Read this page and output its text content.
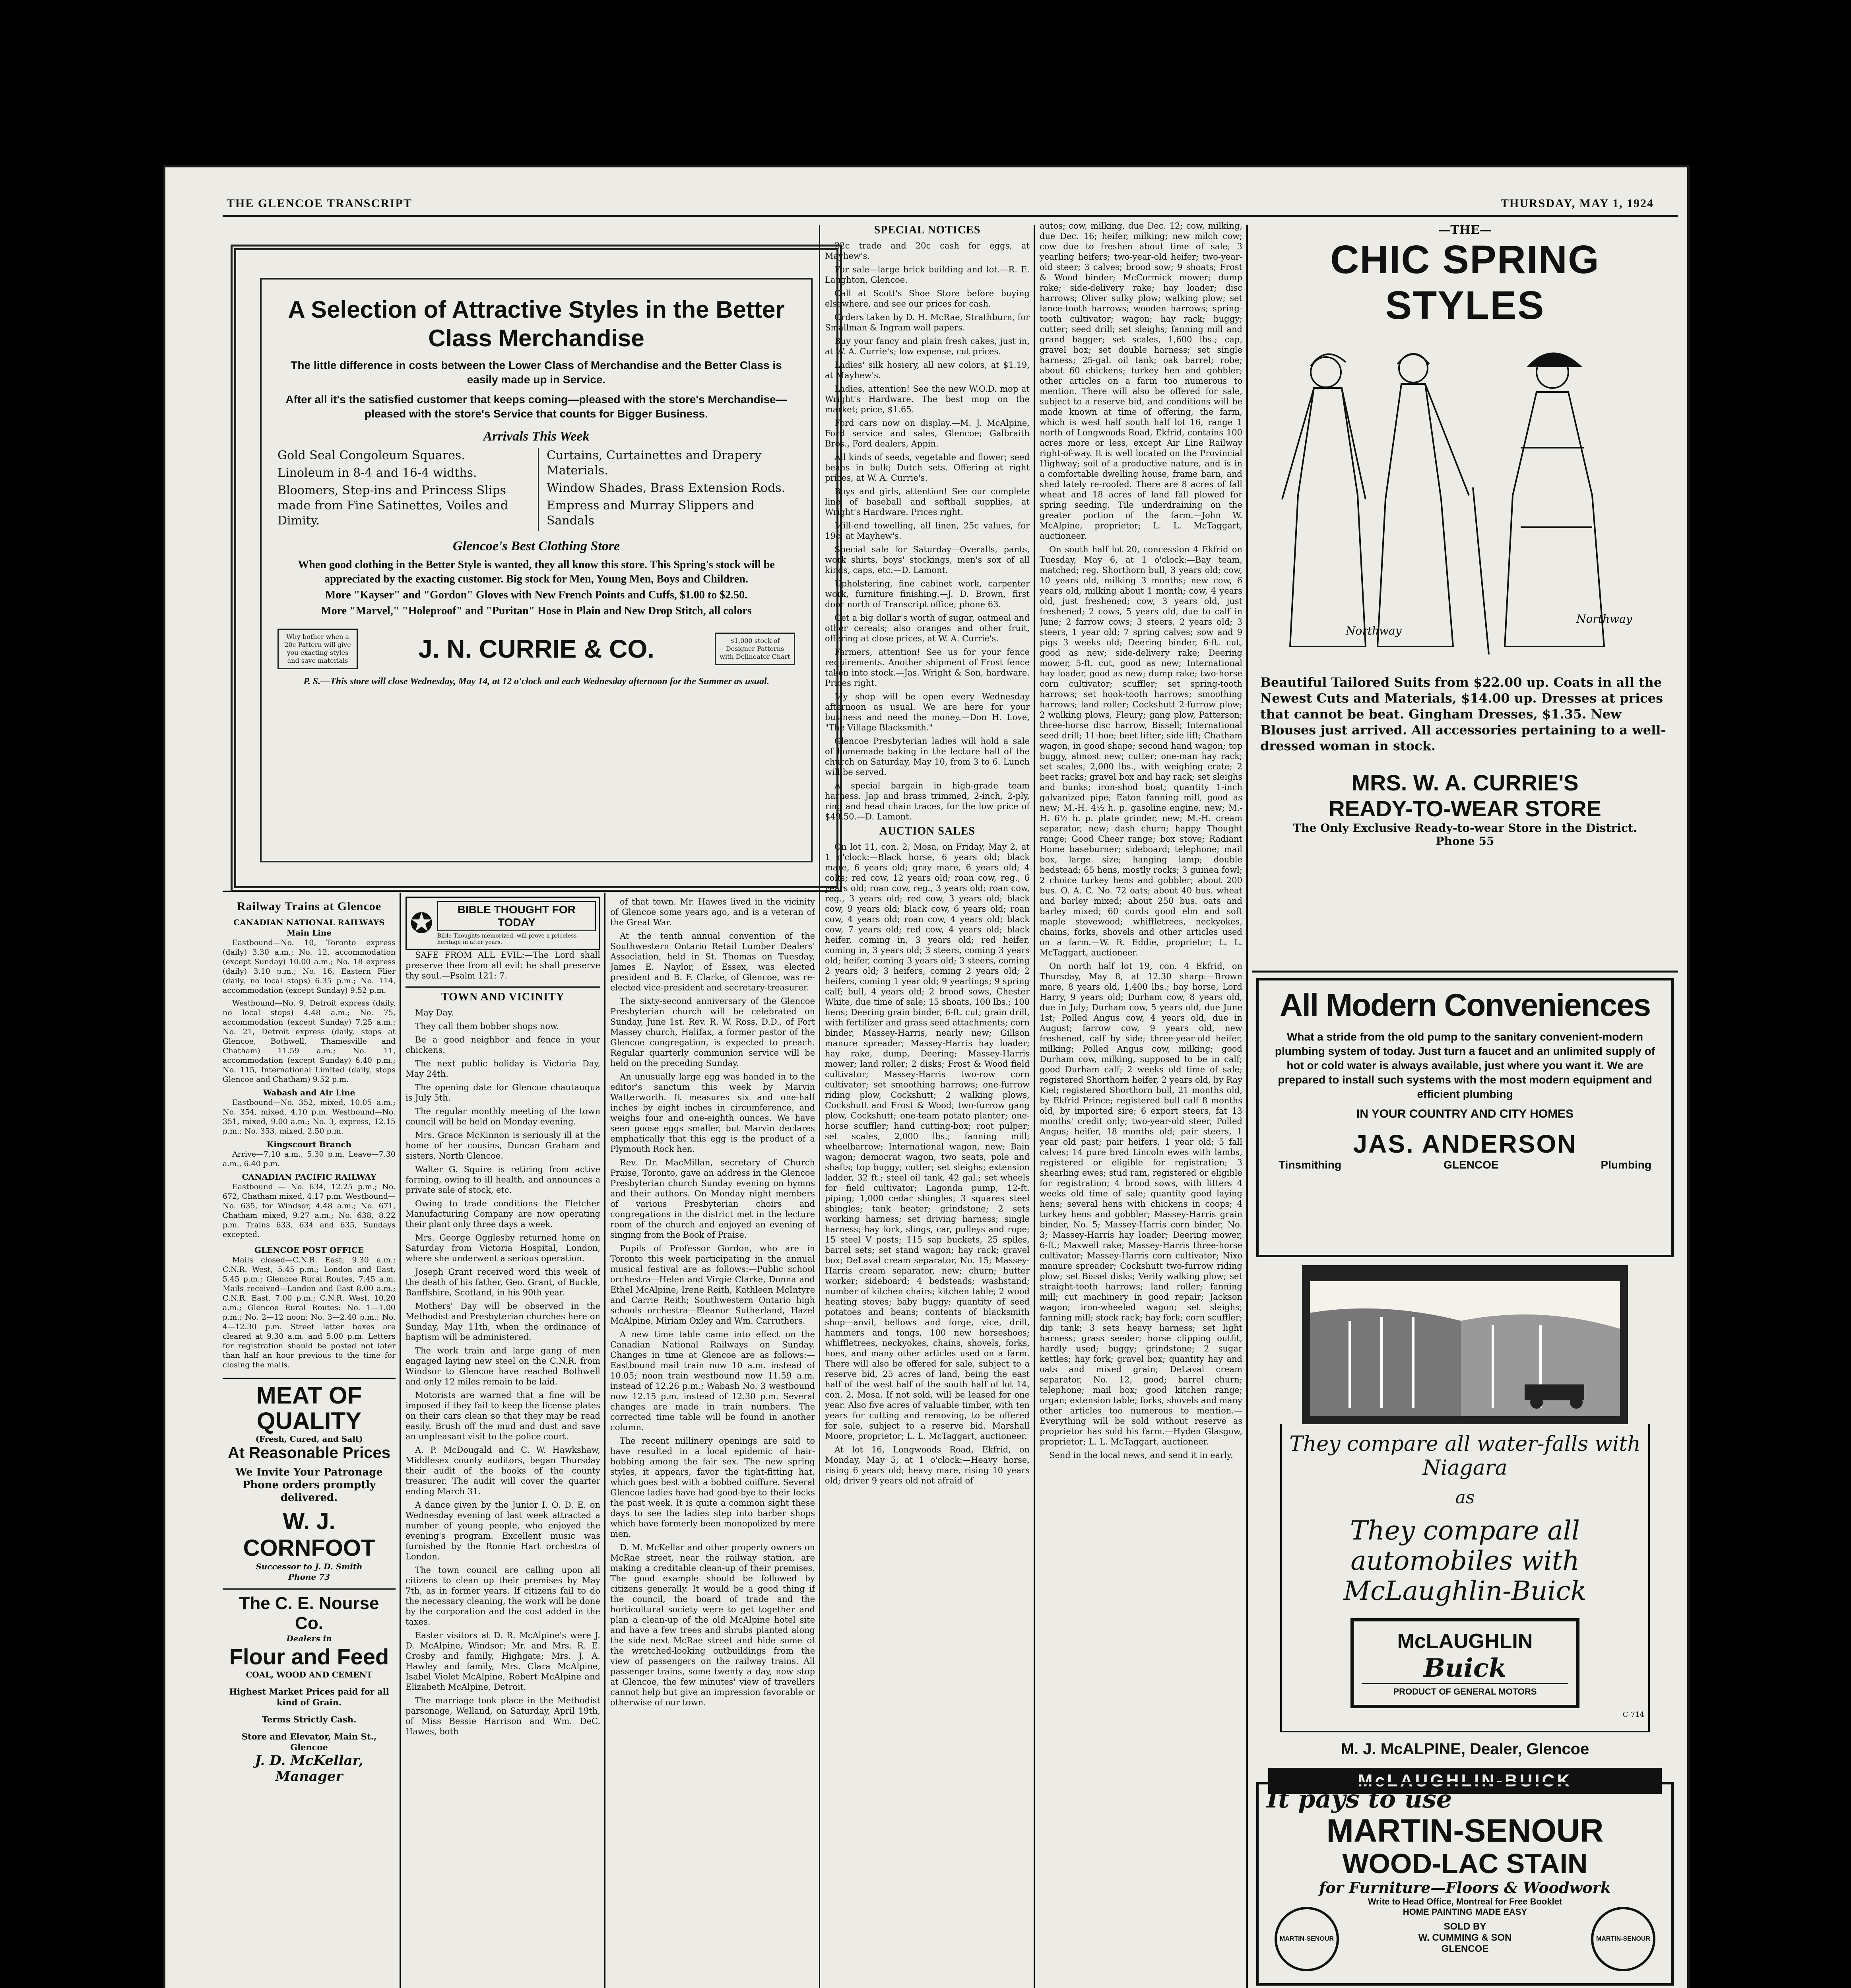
THE GLENCOE TRANSCRIPT	THURSDAY, MAY 1, 1924
A Selection of Attractive Styles in the Better Class Merchandise
The little difference in costs between the Lower Class of Merchandise and the Better Class is easily made up in Service.
After all it's the satisfied customer that keeps coming—pleased with the store's Merchandise—pleased with the store's Service that counts for Bigger Business.
Arrivals This Week

Gold Seal Congoleum Squares.

Linoleum in 8-4 and 16-4 widths.

Bloomers, Step-ins and Princess Slips made from Fine Satinettes, Voiles and Dimity.

Curtains, Curtainettes and Drapery Materials.

Window Shades, Brass Extension Rods.

Empress and Murray Slippers and Sandals

Glencoe's Best Clothing Store

When good clothing in the Better Style is wanted, they all know this store. This Spring's stock will be appreciated by the exacting customer. Big stock for Men, Young Men, Boys and Children.

More "Kayser" and "Gordon" Gloves with New French Points and Cuffs, $1.00 to $2.50.

More "Marvel," "Holeproof" and "Puritan" Hose in Plain and New Drop Stitch, all colors

Why bother when a 20c Pattern will give you exacting styles and save materials	J. N. CURRIE & CO.	$1,000 stock of Designer Patterns with Delineator Chart
P. S.—This store will close Wednesday, May 14, at 12 o'clock and each Wednesday afternoon for the Summer as usual.
Railway Trains at Glencoe
CANADIAN NATIONAL RAILWAYS
Main Line

Eastbound—No. 10, Toronto express (daily) 3.30 a.m.; No. 12, accommodation (except Sunday) 10.00 a.m.; No. 18 express (daily) 3.10 p.m.; No. 16, Eastern Flier (daily, no local stops) 6.35 p.m.; No. 114, accommodation (except Sunday) 9.52 p.m.

Westbound—No. 9, Detroit express (daily, no local stops) 4.48 a.m.; No. 75, accommodation (except Sunday) 7.25 a.m.; No. 21, Detroit express (daily, stops at Glencoe, Bothwell, Thamesville and Chatham) 11.59 a.m.; No. 11, accommodation (except Sunday) 6.40 p.m.; No. 115, International Limited (daily, stops Glencoe and Chatham) 9.52 p.m.

Wabash and Air Line

Eastbound—No. 352, mixed, 10.05 a.m.; No. 354, mixed, 4.10 p.m. Westbound—No. 351, mixed, 9.00 a.m.; No. 3, express, 12.15 p.m.; No. 353, mixed, 2.50 p.m.

Kingscourt Branch

Arrive—7.10 a.m., 5.30 p.m. Leave—7.30 a.m., 6.40 p.m.

CANADIAN PACIFIC RAILWAY

Eastbound — No. 634, 12.25 p.m.; No. 672, Chatham mixed, 4.17 p.m. Westbound—No. 635, for Windsor, 4.48 a.m.; No. 671, Chatham mixed, 9.27 a.m.; No. 638, 8.22 p.m. Trains 633, 634 and 635, Sundays excepted.

GLENCOE POST OFFICE

Mails closed—C.N.R. East, 9.30 a.m.; C.N.R. West, 5.45 p.m.; London and East, 5.45 p.m.; Glencoe Rural Routes, 7.45 a.m. Mails received—London and East 8.00 a.m.; C.N.R. East, 7.00 p.m.; C.N.R. West, 10.20 a.m.; Glencoe Rural Routes: No. 1—1.00 p.m.; No. 2—12 noon; No. 3—2.40 p.m.; No. 4—12.30 p.m. Street letter boxes are cleared at 9.30 a.m. and 5.00 p.m. Letters for registration should be posted not later than half an hour previous to the time for closing the mails.

MEAT OF QUALITY
(Fresh, Cured, and Salt)
At Reasonable Prices
We Invite Your Patronage Phone orders promptly delivered.
W. J. CORNFOOT
Successor to J. D. Smith
Phone 73
The C. E. Nourse Co.
Dealers in
Flour and Feed
COAL, WOOD AND CEMENT
Highest Market Prices paid for all kind of Grain.
Terms Strictly Cash.
Store and Elevator, Main St., Glencoe
J. D. McKellar, Manager
✪	BIBLE THOUGHT FOR TODAY
Bible Thoughts memorized, will prove a priceless heritage in after years.

SAFE FROM ALL EVIL:—The Lord shall preserve thee from all evil: he shall preserve thy soul.—Psalm 121: 7.

TOWN AND VICINITY

May Day.

They call them bobber shops now.

Be a good neighbor and fence in your chickens.

The next public holiday is Victoria Day, May 24th.

The opening date for Glencoe chautauqua is July 5th.

The regular monthly meeting of the town council will be held on Monday evening.

Mrs. Grace McKinnon is seriously ill at the home of her cousins, Duncan Graham and sisters, North Glencoe.

Walter G. Squire is retiring from active farming, owing to ill health, and announces a private sale of stock, etc.

Owing to trade conditions the Fletcher Manufacturing Company are now operating their plant only three days a week.

Mrs. George Ogglesby returned home on Saturday from Victoria Hospital, London, where she underwent a serious operation.

Joseph Grant received word this week of the death of his father, Geo. Grant, of Buckle, Banffshire, Scotland, in his 90th year.

Mothers' Day will be observed in the Methodist and Presbyterian churches here on Sunday, May 11th, when the ordinance of baptism will be administered.

The work train and large gang of men engaged laying new steel on the C.N.R. from Windsor to Glencoe have reached Bothwell and only 12 miles remain to be laid.

Motorists are warned that a fine will be imposed if they fail to keep the license plates on their cars clean so that they may be read easily. Brush off the mud and dust and save an unpleasant visit to the police court.

A. P. McDougald and C. W. Hawkshaw, Middlesex county auditors, began Thursday their audit of the books of the county treasurer. The audit will cover the quarter ending March 31.

A dance given by the Junior I. O. D. E. on Wednesday evening of last week attracted a number of young people, who enjoyed the evening's program. Excellent music was furnished by the Ronnie Hart orchestra of London.

The town council are calling upon all citizens to clean up their premises by May 7th, as in former years. If citizens fail to do the necessary cleaning, the work will be done by the corporation and the cost added in the taxes.

Easter visitors at D. R. McAlpine's were J. D. McAlpine, Windsor; Mr. and Mrs. R. E. Crosby and family, Highgate; Mrs. J. A. Hawley and family, Mrs. Clara McAlpine, Isabel Violet McAlpine, Robert McAlpine and Elizabeth McAlpine, Detroit.

The marriage took place in the Methodist parsonage, Welland, on Saturday, April 19th, of Miss Bessie Harrison and Wm. DeC. Hawes, both

of that town. Mr. Hawes lived in the vicinity of Glencoe some years ago, and is a veteran of the Great War.

At the tenth annual convention of the Southwestern Ontario Retail Lumber Dealers' Association, held in St. Thomas on Tuesday, James E. Naylor, of Essex, was elected president and B. F. Clarke, of Glencoe, was re-elected vice-president and secretary-treasurer.

The sixty-second anniversary of the Glencoe Presbyterian church will be celebrated on Sunday, June 1st. Rev. R. W. Ross, D.D., of Fort Massey church, Halifax, a former pastor of the Glencoe congregation, is expected to preach. Regular quarterly communion service will be held on the preceding Sunday.

An unusually large egg was handed in to the editor's sanctum this week by Marvin Watterworth. It measures six and one-half inches by eight inches in circumference, and weighs four and one-eighth ounces. We have seen goose eggs smaller, but Marvin declares emphatically that this egg is the product of a Plymouth Rock hen.

Rev. Dr. MacMillan, secretary of Church Praise, Toronto, gave an address in the Glencoe Presbyterian church Sunday evening on hymns and their authors. On Monday night members of various Presbyterian choirs and congregations in the district met in the lecture room of the church and enjoyed an evening of singing from the Book of Praise.

Pupils of Professor Gordon, who are in Toronto this week participating in the annual musical festival are as follows:—Public school orchestra—Helen and Virgie Clarke, Donna and Ethel McAlpine, Irene Reith, Kathleen McIntyre and Carrie Reith; Southwestern Ontario high schools orchestra—Eleanor Sutherland, Hazel McAlpine, Miriam Oxley and Wm. Carruthers.

A new time table came into effect on the Canadian National Railways on Sunday. Changes in time at Glencoe are as follows:—Eastbound mail train now 10 a.m. instead of 10.05; noon train westbound now 11.59 a.m. instead of 12.26 p.m.; Wabash No. 3 westbound now 12.15 p.m. instead of 12.30 p.m. Several changes are made in train numbers. The corrected time table will be found in another column.

The recent millinery openings are said to have resulted in a local epidemic of hair-bobbing among the fair sex. The new spring styles, it appears, favor the tight-fitting hat, which goes best with a bobbed coiffure. Several Glencoe ladies have had good-bye to their locks the past week. It is quite a common sight these days to see the ladies step into barber shops which have formerly been monopolized by mere men.

D. M. McKellar and other property owners on McRae street, near the railway station, are making a creditable clean-up of their premises. The good example should be followed by citizens generally. It would be a good thing if the council, the board of trade and the horticultural society were to get together and plan a clean-up of the old McAlpine hotel site and have a few trees and shrubs planted along the side next McRae street and hide some of the wretched-looking outbuildings from the view of passengers on the railway trains. All passenger trains, some twenty a day, now stop at Glencoe, the few minutes' view of travellers cannot help but give an impression favorable or otherwise of our town.

SPECIAL NOTICES

22c trade and 20c cash for eggs, at Mayhew's.

For sale—large brick building and lot.—R. E. Laughton, Glencoe.

Call at Scott's Shoe Store before buying elsewhere, and see our prices for cash.

Orders taken by D. H. McRae, Strathburn, for Smallman & Ingram wall papers.

Buy your fancy and plain fresh cakes, just in, at W. A. Currie's; low expense, cut prices.

Ladies' silk hosiery, all new colors, at $1.19, at Mayhew's.

Ladies, attention! See the new W.O.D. mop at Wright's Hardware. The best mop on the market; price, $1.65.

Ford cars now on display.—M. J. McAlpine, Ford service and sales, Glencoe; Galbraith Bros., Ford dealers, Appin.

All kinds of seeds, vegetable and flower; seed beans in bulk; Dutch sets. Offering at right prices, at W. A. Currie's.

Boys and girls, attention! See our complete line of baseball and softball supplies, at Wright's Hardware. Prices right.

Mill-end towelling, all linen, 25c values, for 19c, at Mayhew's.

Special sale for Saturday—Overalls, pants, work shirts, boys' stockings, men's sox of all kinds, caps, etc.—D. Lamont.

Upholstering, fine cabinet work, carpenter work, furniture finishing.—J. D. Brown, first door north of Transcript office; phone 63.

Get a big dollar's worth of sugar, oatmeal and other cereals; also oranges and other fruit, offering at close prices, at W. A. Currie's.

Farmers, attention! See us for your fence requirements. Another shipment of Frost fence taken into stock.—Jas. Wright & Son, hardware. Prices right.

My shop will be open every Wednesday afternoon as usual. We are here for your business and need the money.—Don H. Love, "The Village Blacksmith."

Glencoe Presbyterian ladies will hold a sale of homemade baking in the lecture hall of the church on Saturday, May 10, from 3 to 6. Lunch will be served.

A special bargain in high-grade team harness. Jap and brass trimmed, 2-inch, 2-ply, ring and head chain traces, for the low price of $49.50.—D. Lamont.

AUCTION SALES

On lot 11, con. 2, Mosa, on Friday, May 2, at 1 o'clock:—Black horse, 6 years old; black mare, 6 years old; gray mare, 6 years old; 4 colts; red cow, 12 years old; roan cow, reg., 6 years old; roan cow, reg., 3 years old; roan cow, reg., 3 years old; red cow, 3 years old; black cow, 9 years old; black cow, 6 years old; roan cow, 4 years old; roan cow, 4 years old; black cow, 7 years old; red cow, 4 years old; black heifer, coming in, 3 years old; red heifer, coming in, 3 years old; 3 steers, coming 3 years old; heifer, coming 3 years old; 3 steers, coming 2 years old; 3 heifers, coming 2 years old; 2 heifers, coming 1 year old; 9 yearlings; 9 spring calf; bull, 4 years old; 2 brood sows, Chester White, due time of sale; 15 shoats, 100 lbs.; 100 hens; Deering grain binder, 6-ft. cut; grain drill, with fertilizer and grass seed attachments; corn binder, Massey-Harris, nearly new; Gillson manure spreader; Massey-Harris hay loader; hay rake, dump, Deering; Massey-Harris mower; land roller; 2 disks; Frost & Wood field cultivator; Massey-Harris two-row corn cultivator; set smoothing harrows; one-furrow riding plow, Cockshutt; 2 walking plows, Cockshutt and Frost & Wood; two-furrow gang plow, Cockshutt; one-team potato planter; one-horse scuffler; hand cutting-box; root pulper; set scales, 2,000 lbs.; fanning mill; wheelbarrow; International wagon, new; Bain wagon; democrat wagon, two seats, pole and shafts; top buggy; cutter; set sleighs; extension ladder, 32 ft.; steel oil tank, 42 gal.; set wheels for field cultivator; Lagonda pump, 12-ft. piping; 1,000 cedar shingles; 3 squares steel shingles; tank heater; grindstone; 2 sets working harness; set driving harness; single harness; hay fork, slings, car, pulleys and rope; 15 steel V posts; 115 sap buckets, 25 spiles, barrel sets; set stand wagon; hay rack; gravel box; DeLaval cream separator, No. 15; Massey-Harris cream separator, new; churn; butter worker; sideboard; 4 bedsteads; washstand; number of kitchen chairs; kitchen table; 2 wood heating stoves; baby buggy; quantity of seed potatoes and beans; contents of blacksmith shop—anvil, bellows and forge, vice, drill, hammers and tongs, 100 new horseshoes; whiffletrees, neckyokes, chains, shovels, forks, hoes, and many other articles used on a farm. There will also be offered for sale, subject to a reserve bid, 25 acres of land, being the east half of the west half of the south half of lot 14, con. 2, Mosa. If not sold, will be leased for one year. Also five acres of valuable timber, with ten years for cutting and removing, to be offered for sale, subject to a reserve bid. Marshall Moore, proprietor; L. L. McTaggart, auctioneer.

At lot 16, Longwoods Road, Ekfrid, on Monday, May 5, at 1 o'clock:—Heavy horse, rising 6 years old; heavy mare, rising 10 years old; driver 9 years old not afraid of

autos; cow, milking, due Dec. 12; cow, milking, due Dec. 16; heifer, milking; new milch cow; cow due to freshen about time of sale; 3 yearling heifers; two-year-old heifer; two-year-old steer; 3 calves; brood sow; 9 shoats; Frost & Wood binder; McCormick mower; dump rake; side-delivery rake; hay loader; disc harrows; Oliver sulky plow; walking plow; set lance-tooth harrows; wooden harrows; spring-tooth cultivator; wagon; hay rack; buggy; cutter; seed drill; set sleighs; fanning mill and grand bagger; set scales, 1,600 lbs.; cap, gravel box; set double harness; set single harness; 25-gal. oil tank; oak barrel; robe; about 60 chickens; turkey hen and gobbler; other articles on a farm too numerous to mention. There will also be offered for sale, subject to a reserve bid, and conditions will be made known at time of offering, the farm, which is west half south half lot 16, range 1 north of Longwoods Road, Ekfrid, contains 100 acres more or less, except Air Line Railway right-of-way. It is well located on the Provincial Highway; soil of a productive nature, and is in a comfortable dwelling house, frame barn, and shed lately re-roofed. There are 8 acres of fall wheat and 18 acres of land fall plowed for spring seeding. Tile underdraining on the greater portion of the farm.—John W. McAlpine, proprietor; L. L. McTaggart, auctioneer.

On south half lot 20, concession 4 Ekfrid on Tuesday, May 6, at 1 o'clock:—Bay team, matched; reg. Shorthorn bull, 3 years old; cow, 10 years old, milking 3 months; new cow, 6 years old, milking about 1 month; cow, 4 years old, just freshened; cow, 3 years old, just freshened; 2 cows, 5 years old, due to calf in June; 2 farrow cows; 3 steers, 2 years old; 3 steers, 1 year old; 7 spring calves; sow and 9 pigs 3 weeks old; Deering binder, 6-ft. cut, good as new; side-delivery rake; Deering mower, 5-ft. cut, good as new; International hay loader, good as new; dump rake; two-horse corn cultivator; scuffler; set spring-tooth harrows; set hook-tooth harrows; smoothing harrows; land roller; Cockshutt 2-furrow plow; 2 walking plows, Fleury; gang plow, Patterson; three-horse disc harrow, Bissell; International seed drill; 11-hoe; beet lifter; side lift; Chatham wagon, in good shape; second hand wagon; top buggy, almost new; cutter; one-man hay rack; set scales, 2,000 lbs., with weighing crate; 2 beet racks; gravel box and hay rack; set sleighs and bunks; iron-shod boat; quantity 1-inch galvanized pipe; Eaton fanning mill, good as new; M.-H. 4½ h. p. gasoline engine, new; M.-H. 6½ h. p. plate grinder, new; M.-H. cream separator, new; dash churn; happy Thought range; Good Cheer range; box stove; Radiant Home baseburner; sideboard; telephone; mail box, large size; hanging lamp; double bedstead; 65 hens, mostly rocks; 3 guinea fowl; 2 choice turkey hens and gobbler; about 200 bus. O. A. C. No. 72 oats; about 40 bus. wheat and barley mixed; about 250 bus. oats and barley mixed; 60 cords good elm and soft maple stovewood; whiffletrees, neckyokes, chains, forks, shovels and other articles used on a farm.—W. R. Eddie, proprietor; L. L. McTaggart, auctioneer.

On north half lot 19, con. 4 Ekfrid, on Thursday, May 8, at 12.30 sharp:—Brown mare, 8 years old, 1,400 lbs.; bay horse, Lord Harry, 9 years old; Durham cow, 8 years old, due in July; Durham cow, 5 years old, due June 1st; Polled Angus cow, 4 years old, due in August; farrow cow, 9 years old, new freshened, calf by side; three-year-old heifer, milking; Polled Angus cow, milking; good Durham cow, milking, supposed to be in calf; good Durham calf; 2 weeks old time of sale; registered Shorthorn heifer, 2 years old, by Ray Kiel; registered Shorthorn bull, 21 months old, by Ekfrid Prince; registered bull calf 8 months old, by imported sire; 6 export steers, fat 13 months' credit only; two-year-old steer, Polled Angus; heifer, 18 months old; pair steers, 1 year old past; pair heifers, 1 year old; 5 fall calves; 14 pure bred Lincoln ewes with lambs, registered or eligible for registration; 3 shearling ewes; stud ram, registered or eligible for registration; 4 brood sows, with litters 4 weeks old time of sale; quantity good laying hens; several hens with chickens in coops; 4 turkey hens and gobbler; Massey-Harris grain binder, No. 5; Massey-Harris corn binder, No. 3; Massey-Harris hay loader; Deering mower, 6-ft.; Maxwell rake; Massey-Harris three-horse cultivator; Massey-Harris corn cultivator; Nixo manure spreader; Cockshutt two-furrow riding plow; set Bissel disks; Verity walking plow; set straight-tooth harrows; land roller; fanning mill; cut machinery in good repair; Jackson wagon; iron-wheeled wagon; set sleighs; fanning mill; stock rack; hay fork; corn scuffler; dip tank; 3 sets heavy harness; set light harness; grass seeder; horse clipping outfit, hardly used; buggy; grindstone; 2 sugar kettles; hay fork; gravel box; quantity hay and oats and mixed grain; DeLaval cream separator, No. 12, good; barrel churn; telephone; mail box; good kitchen range; organ; extension table; forks, shovels and many other articles too numerous to mention.—Everything will be sold without reserve as proprietor has sold his farm.—Hyden Glasgow, proprietor; L. L. McTaggart, auctioneer.

Send in the local news, and send it in early.

—THE—
CHIC SPRING STYLES
Northway
Northway
Beautiful Tailored Suits from $22.00 up. Coats in all the Newest Cuts and Materials, $14.00 up. Dresses at prices that cannot be beat. Gingham Dresses, $1.35. New Blouses just arrived. All accessories pertaining to a well-dressed woman in stock.
MRS. W. A. CURRIE'S
READY-TO-WEAR STORE
The Only Exclusive Ready-to-wear Store in the District.
Phone 55
All Modern Conveniences

What a stride from the old pump to the sanitary convenient-modern plumbing system of today. Just turn a faucet and an unlimited supply of hot or cold water is always available, just where you want it. We are prepared to install such systems with the most modern equipment and efficient plumbing

IN YOUR COUNTRY AND CITY HOMES

JAS. ANDERSON
Tinsmithing	GLENCOE	Plumbing
They compare all water-falls with Niagara
as
They compare all automobiles with McLaughlin-Buick
McLAUGHLIN
Buick
PRODUCT OF GENERAL MOTORS
C-714
M. J. McALPINE, Dealer, Glencoe
McLAUGHLIN-BUICK
It pays to use
MARTIN-SENOUR
WOOD-LAC STAIN
for Furniture—Floors & Woodwork
Write to Head Office, Montreal for Free Booklet
HOME PAINTING MADE EASY
SOLD BY
W. CUMMING & SON
GLENCOE
MARTIN-SENOUR	MARTIN-SENOUR
